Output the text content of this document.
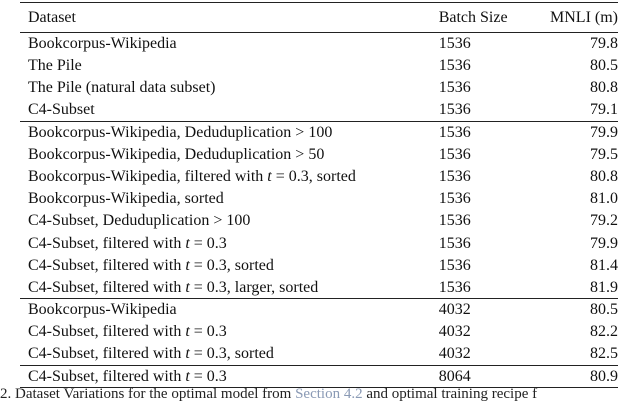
Dataset	Batch Size	MNLI (m)
Bookcorpus-Wikipedia	1536	79.8
The Pile	1536	80.5
The Pile (natural data subset)	1536	80.8
C4-Subset	1536	79.1
Bookcorpus-Wikipedia, Deduduplication > 100	1536	79.9
Bookcorpus-Wikipedia, Deduduplication > 50	1536	79.5
Bookcorpus-Wikipedia, filtered with t = 0.3, sorted	1536	80.8
Bookcorpus-Wikipedia, sorted	1536	81.0
C4-Subset, Deduduplication > 100	1536	79.2
C4-Subset, filtered with t = 0.3	1536	79.9
C4-Subset, filtered with t = 0.3, sorted	1536	81.4
C4-Subset, filtered with t = 0.3, larger, sorted	1536	81.9
Bookcorpus-Wikipedia	4032	80.5
C4-Subset, filtered with t = 0.3	4032	82.2
C4-Subset, filtered with t = 0.3, sorted	4032	82.5
C4-Subset, filtered with t = 0.3	8064	80.9
2. Dataset Variations for the optimal model from Section 4.2 and optimal training recipe f
